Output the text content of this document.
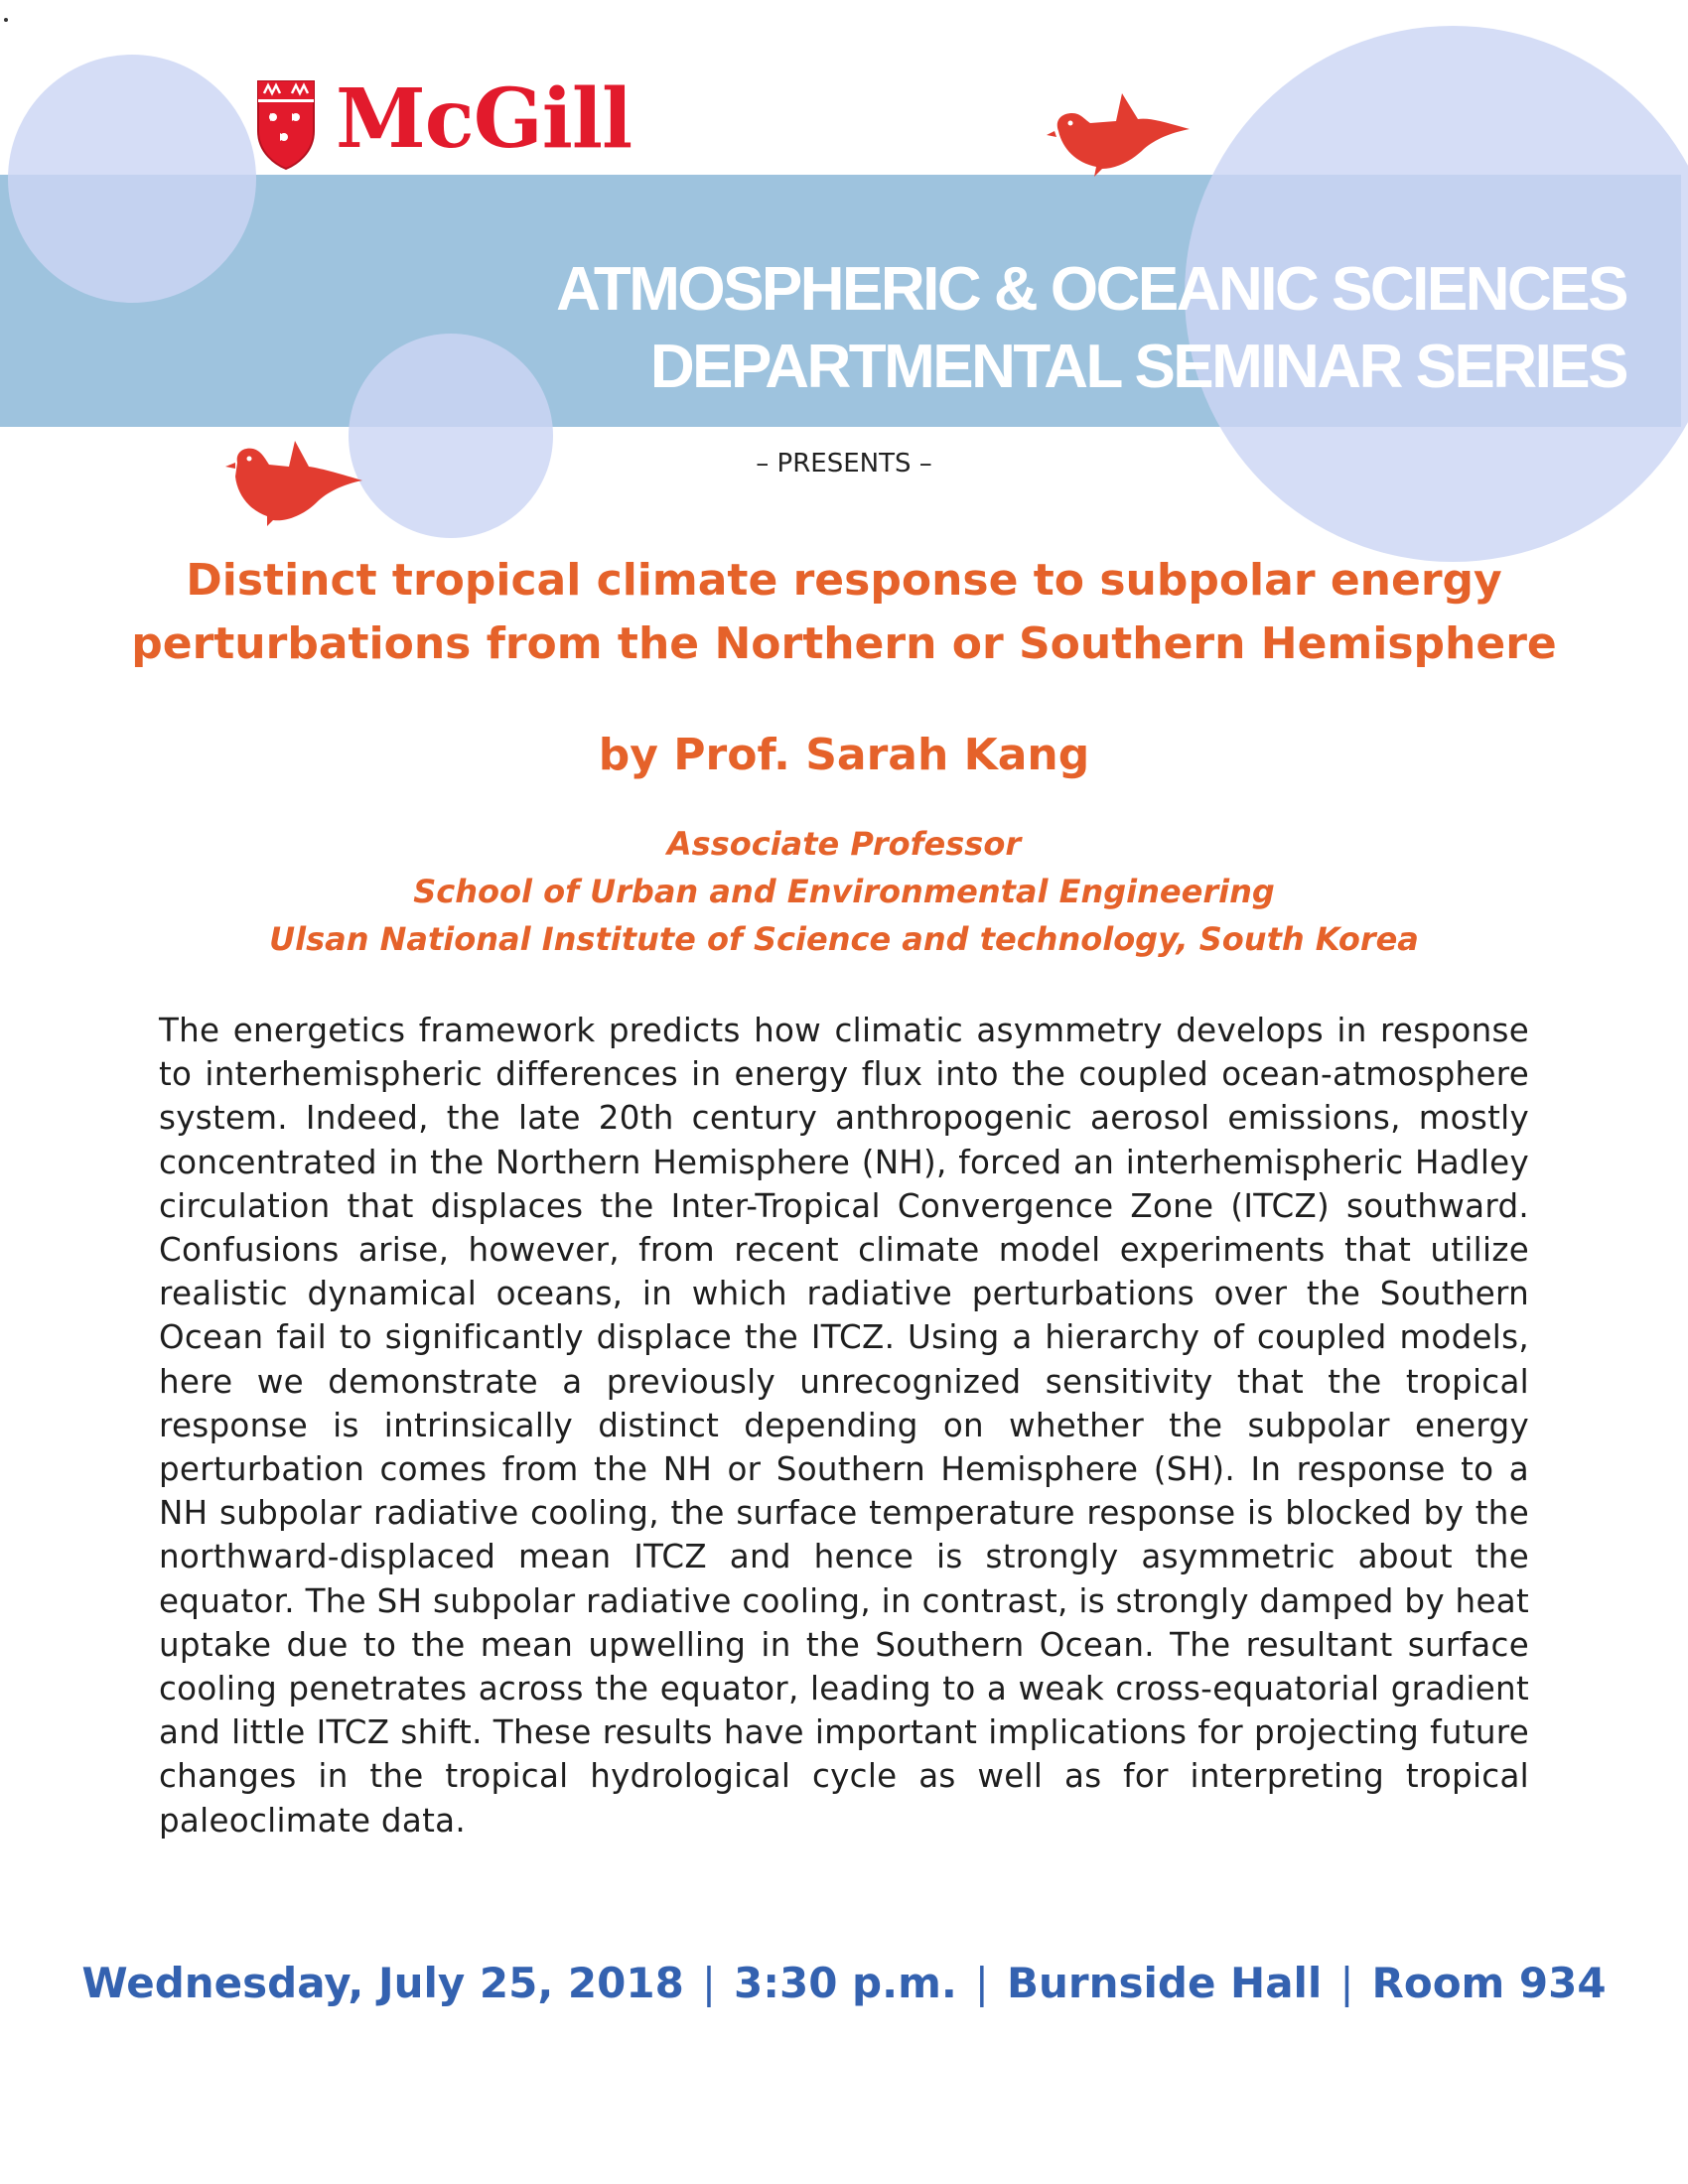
McGill
ATMOSPHERIC & OCEANIC SCIENCES
DEPARTMENTAL SEMINAR SERIES
– PRESENTS –
Distinct tropical climate response to subpolar energy
perturbations from the Northern or Southern Hemisphere
by Prof. Sarah Kang
Associate Professor
School of Urban and Environmental Engineering
Ulsan National Institute of Science and technology, South Korea
The energetics framework predicts how climatic asymmetry develops in response to interhemispheric differences in energy flux into the coupled ocean-atmosphere system. Indeed, the late 20th century anthropogenic aerosol emissions, mostly concentrated in the Northern Hemisphere (NH), forced an interhemispheric Hadley circulation that displaces the Inter-Tropical Convergence Zone (ITCZ) southward. Confusions arise, however, from recent climate model experiments that utilize realistic dynamical oceans, in which radiative perturbations over the Southern Ocean fail to significantly displace the ITCZ. Using a hierarchy of coupled models, here we demonstrate a previously unrecognized sensitivity that the tropical response is intrinsically distinct depending on whether the subpolar energy perturbation comes from the NH or Southern Hemisphere (SH). In response to a NH subpolar radiative cooling, the surface temperature response is blocked by the northward-displaced mean ITCZ and hence is strongly asymmetric about the equator. The SH subpolar radiative cooling, in contrast, is strongly damped by heat uptake due to the mean upwelling in the Southern Ocean. The resultant surface cooling penetrates across the equator, leading to a weak cross-equatorial gradient and little ITCZ shift. These results have important implications for projecting future changes in the tropical hydrological cycle as well as for interpreting tropical paleoclimate data.
Wednesday, July 25, 2018 | 3:30 p.m. | Burnside Hall | Room 934
